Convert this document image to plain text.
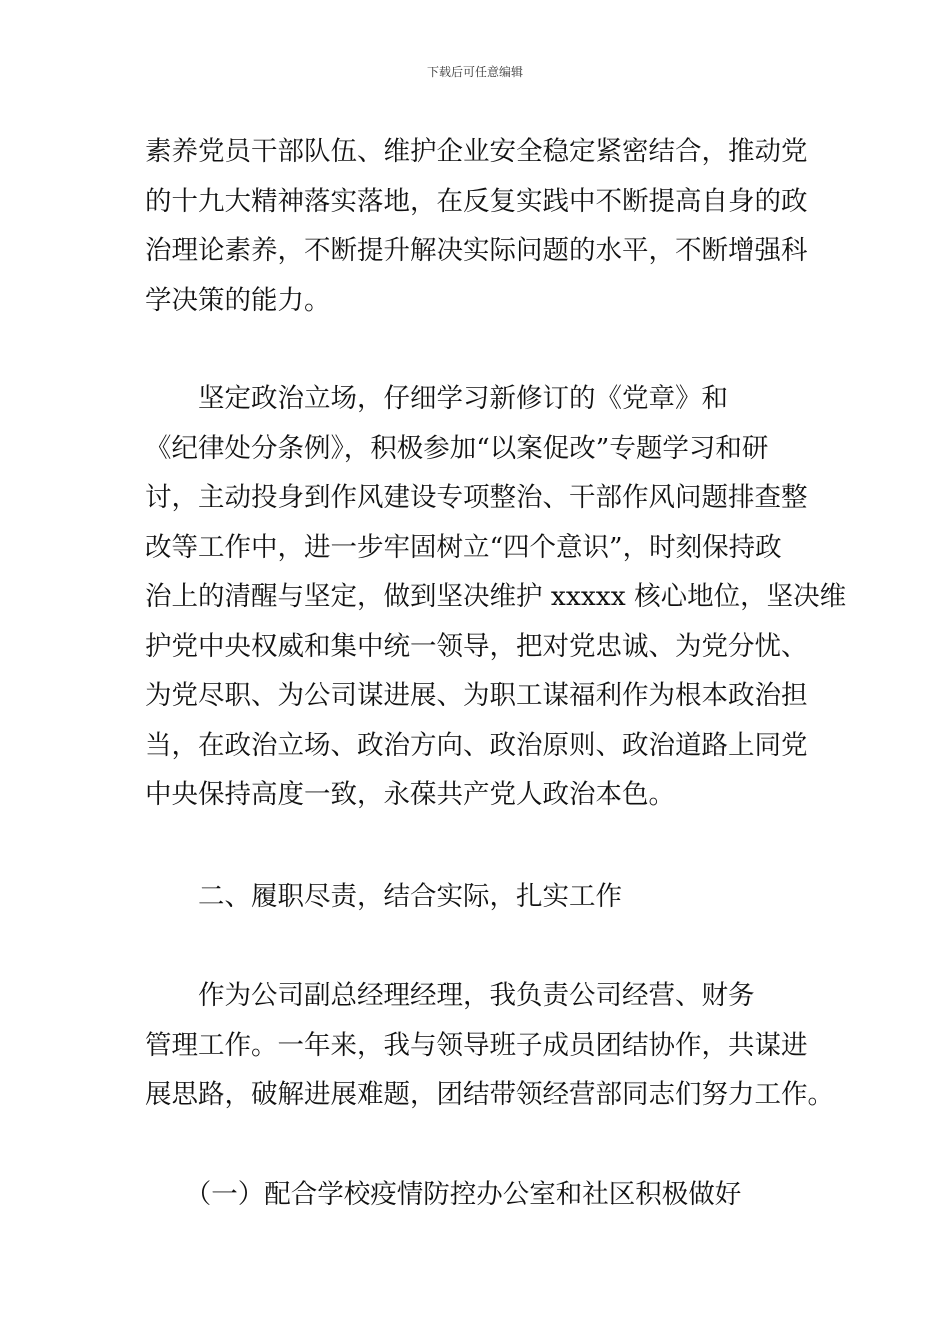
下载后可任意编辑
素养党员干部队伍、维护企业安全稳定紧密结合，推动党
的十九大精神落实落地，在反复实践中不断提高自身的政
治理论素养，不断提升解决实际问题的水平，不断增强科
学决策的能力。
　　坚定政治立场，仔细学习新修订的《党章》和
《纪律处分条例》，积极参加“以案促改”专题学习和研
讨，主动投身到作风建设专项整治、干部作风问题排查整
改等工作中，进一步牢固树立“四个意识”，时刻保持政
治上的清醒与坚定，做到坚决维护 xxxxx 核心地位，坚决维
护党中央权威和集中统一领导，把对党忠诚、为党分忧、
为党尽职、为公司谋进展、为职工谋福利作为根本政治担
当，在政治立场、政治方向、政治原则、政治道路上同党
中央保持高度一致，永葆共产党人政治本色。
　　二、履职尽责，结合实际，扎实工作
　　作为公司副总经理经理，我负责公司经营、财务
管理工作。一年来，我与领导班子成员团结协作，共谋进
展思路，破解进展难题，团结带领经营部同志们努力工作。
　　（一）配合学校疫情防控办公室和社区积极做好
